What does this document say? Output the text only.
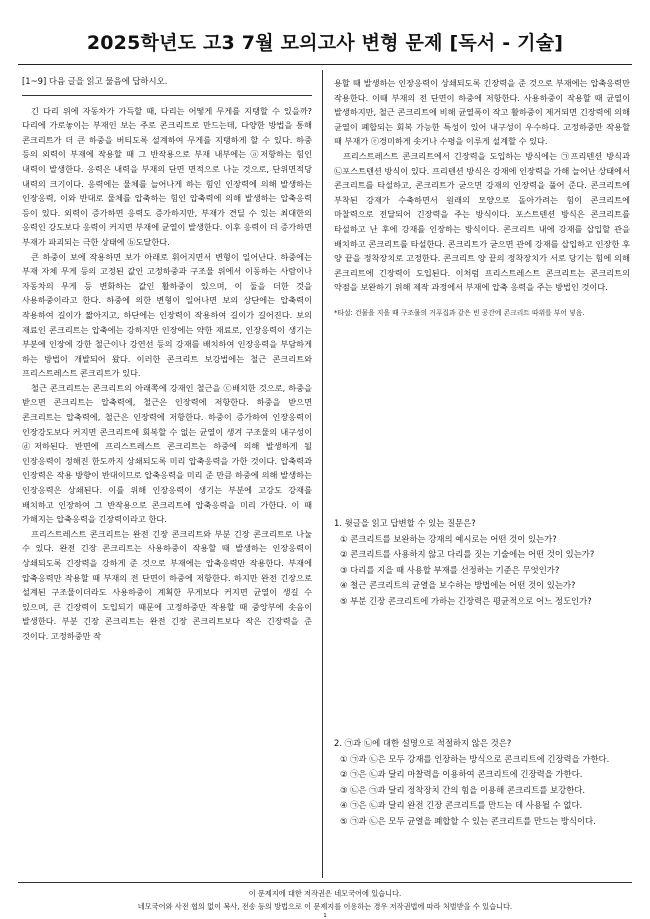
2025학년도 고3 7월 모의고사 변형 문제 [독서 - 기술]
[1~9] 다음 글을 읽고 물음에 답하시오.

긴 다리 위에 자동차가 가득할 때, 다리는 어떻게 무게를 지탱할 수 있을까? 다리에 가로놓이는 부재인 보는 주로 콘크리트로 만드는데, 다양한 방법을 통해 콘크리트가 더 큰 하중을 버티도록 설계하여 무게를 지탱하게 할 수 있다. 하중 등의 외력이 부재에 작용할 때 그 반작용으로 부재 내부에는 ⓐ저항하는 힘인 내력이 발생한다. 응력은 내력을 부재의 단면 면적으로 나눈 것으로, 단위면적당 내력의 크기이다. 응력에는 물체를 늘어나게 하는 힘인 인장력에 의해 발생하는 인장응력, 이와 반대로 물체를 압축하는 힘인 압축력에 의해 발생하는 압축응력 등이 있다. 외력이 증가하면 응력도 증가하지만, 부재가 견딜 수 있는 최대한의 응력인 강도보다 응력이 커지면 부재에 균열이 발생한다. 이후 응력이 더 증가하면 부재가 파괴되는 극한 상태에 ⓑ도달한다.

큰 하중이 보에 작용하면 보가 아래로 휘어지면서 변형이 일어난다. 하중에는 부재 자체 무게 등의 고정된 값인 고정하중과 구조물 위에서 이동하는 사람이나 자동차의 무게 등 변화하는 값인 활하중이 있으며, 이 둘을 더한 것을 사용하중이라고 한다. 하중에 의한 변형이 일어나면 보의 상단에는 압축력이 작용하여 길이가 짧아지고, 하단에는 인장력이 작용하여 길이가 길어진다. 보의 재료인 콘크리트는 압축에는 강하지만 인장에는 약한 재료로, 인장응력이 생기는 부분에 인장에 강한 철근이나 강연선 등의 강재를 배치하여 인장응력을 부담하게 하는 방법이 개발되어 왔다. 이러한 콘크리트 보강법에는 철근 콘크리트와 프리스트레스트 콘크리트가 있다.

철근 콘크리트는 콘크리트의 아래쪽에 강재인 철근을 ⓒ배치한 것으로, 하중을 받으면 콘크리트는 압축력에, 철근은 인장력에 저항한다. 하중을 받으면 콘크리트는 압축력에, 철근은 인장력에 저항한다. 하중이 증가하여 인장응력이 인장강도보다 커지면 콘크리트에 회복할 수 없는 균열이 생겨 구조물의 내구성이 ⓓ저하된다. 반면에 프리스트레스트 콘크리트는 하중에 의해 발생하게 될 인장응력이 정해진 한도까지 상쇄되도록 미리 압축응력을 가한 것이다. 압축력과 인장력은 작용 방향이 반대이므로 압축응력을 미리 준 만큼 하중에 의해 발생하는 인장응력은 상쇄된다. 이를 위해 인장응력이 생기는 부분에 고강도 강재를 배치하고 인장하여 그 반작용으로 콘크리트에 압축응력을 미리 가한다. 이 때 가해지는 압축응력을 긴장력이라고 한다.

프리스트레스트 콘크리트는 완전 긴장 콘크리트와 부분 긴장 콘크리트로 나눌 수 있다. 완전 긴장 콘크리트는 사용하중이 작용할 때 발생하는 인장응력이 상쇄되도록 긴장력을 강하게 준 것으로 부재에는 압축응력만 작용한다. 부재에 압축응력만 작용할 때 부재의 전 단면이 하중에 저항한다. 하지만 완전 긴장으로 설계된 구조물이더라도 사용하중이 계획한 무게보다 커지면 균열이 생길 수 있으며, 큰 긴장력이 도입되기 때문에 고정하중만 작용할 때 중앙부에 솟음이 발생한다. 부분 긴장 콘크리트는 완전 긴장 콘크리트보다 작은 긴장력을 준 것이다. 고정하중만 작

용할 때 발생하는 인장응력이 상쇄되도록 긴장력을 준 것으로 부재에는 압축응력만 작용한다. 이때 부재의 전 단면이 하중에 저항한다. 사용하중이 작용할 때 균열이 발생하지만, 철근 콘크리트에 비해 균열폭이 작고 활하중이 제거되면 긴장력에 의해 균열이 폐합되는 회복 가능한 특성이 있어 내구성이 우수하다. 고정하중만 작용할 때 부재가 ⓔ경미하게 솟거나 수평을 이루게 설계할 수 있다.

프리스트레스트 콘크리트에서 긴장력을 도입하는 방식에는 ㉠프리텐션 방식과 ㉡포스트텐션 방식이 있다. 프리텐션 방식은 강재에 인장력을 가해 늘어난 상태에서 콘크리트를 타설하고, 콘크리트가 굳으면 강재의 인장력을 풀어 준다. 콘크리트에 부착된 강재가 수축하면서 원래의 모양으로 돌아가려는 힘이 콘크리트에 마찰력으로 전달되어 긴장력을 주는 방식이다. 포스트텐션 방식은 콘크리트를 타설하고 난 후에 강재를 인장하는 방식이다. 콘크리트 내에 강재를 삽입할 관을 배치하고 콘크리트를 타설한다. 콘크리트가 굳으면 관에 강재를 삽입하고 인장한 후 양 끝을 정착장치로 고정한다. 콘크리트 양 끝의 정착장치가 서로 당기는 힘에 의해 콘크리트에 긴장력이 도입된다. 이처럼 프리스트레스트 콘크리트는 콘크리트의 약점을 보완하기 위해 제작 과정에서 부재에 압축 응력을 주는 방법인 것이다.

*타설: 건물을 지을 때 구조물의 거푸집과 같은 빈 공간에 콘크리트 따위를 부어 넣음.
1. 윗글을 읽고 답변할 수 있는 질문은?
① 콘크리트를 보완하는 강재의 예시로는 어떤 것이 있는가?
② 콘크리트를 사용하지 않고 다리를 짓는 기술에는 어떤 것이 있는가?
③ 다리를 지을 때 사용할 부재를 선정하는 기준은 무엇인가?
④ 철근 콘크리트의 균열을 보수하는 방법에는 어떤 것이 있는가?
⑤ 부분 긴장 콘크리트에 가하는 긴장력은 평균적으로 어느 정도인가?
2. ㉠과 ㉡에 대한 설명으로 적절하지 않은 것은?
① ㉠과 ㉡은 모두 강재를 인장하는 방식으로 콘크리트에 긴장력을 가한다.
② ㉠은 ㉡과 달리 마찰력을 이용하여 콘크리트에 긴장력을 가한다.
③ ㉡은 ㉠과 달리 정착장치 간의 힘을 이용해 콘크리트를 보강한다.
④ ㉠은 ㉡과 달리 완전 긴장 콘크리트를 만드는 데 사용될 수 없다.
⑤ ㉠과 ㉡은 모두 균열을 폐합할 수 있는 콘크리트를 만드는 방식이다.
이 문제지에 대한 저작권은 네모국어에 있습니다.
네모국어와 사전 협의 없이 복사, 전송 등의 방법으로 이 문제지를 이용하는 경우 저작권법에 따라 처벌받을 수 있습니다.
1
